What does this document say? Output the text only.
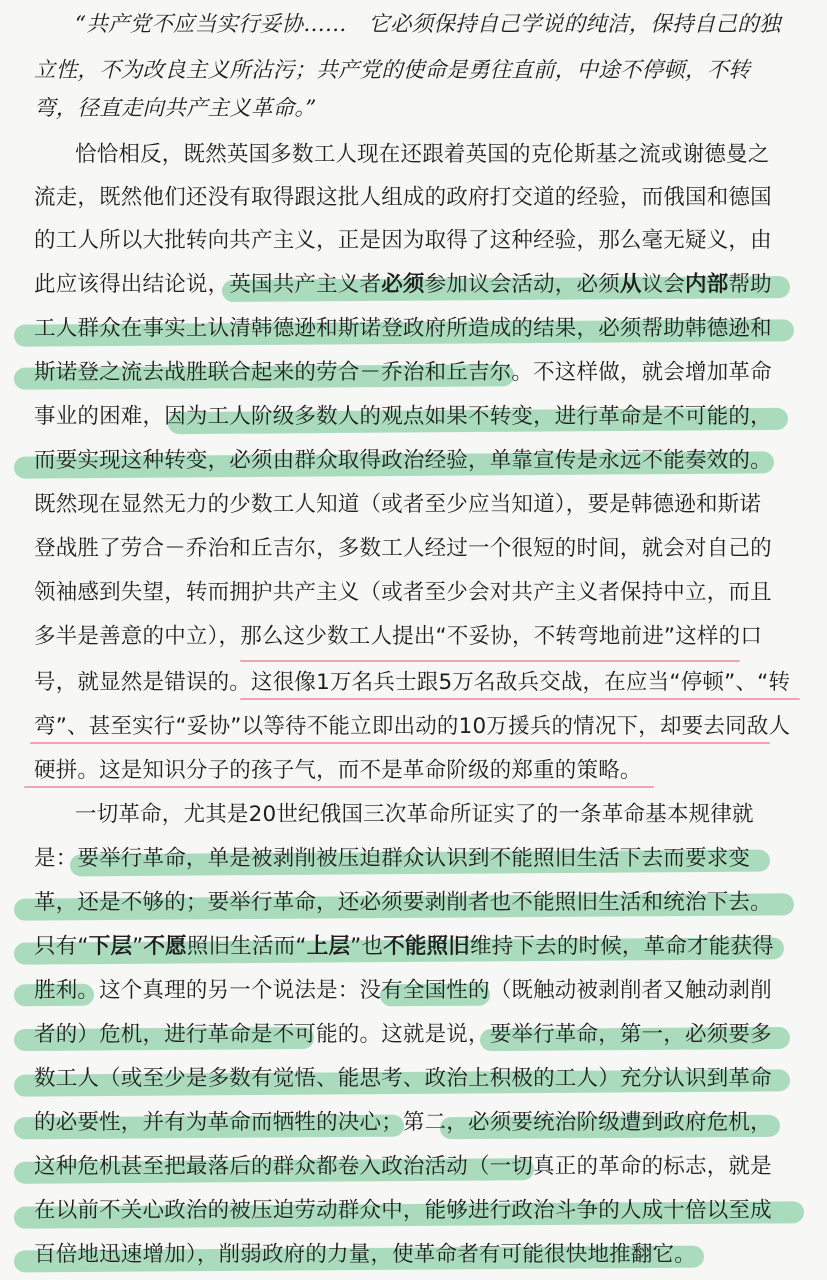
“共产党不应当实行妥协……　它必须保持自己学说的纯洁，保持自己的独
立性，不为改良主义所沾污；共产党的使命是勇往直前，中途不停顿，不转
弯，径直走向共产主义革命。”
恰恰相反，既然英国多数工人现在还跟着英国的克伦斯基之流或谢德曼之
流走，既然他们还没有取得跟这批人组成的政府打交道的经验，而俄国和德国
的工人所以大批转向共产主义，正是因为取得了这种经验，那么毫无疑义，由
此应该得出结论说，英国共产主义者必须参加议会活动，必须从议会内部帮助
工人群众在事实上认清韩德逊和斯诺登政府所造成的结果，必须帮助韩德逊和
斯诺登之流去战胜联合起来的劳合－乔治和丘吉尔。不这样做，就会增加革命
事业的困难，因为工人阶级多数人的观点如果不转变，进行革命是不可能的，
而要实现这种转变，必须由群众取得政治经验，单靠宣传是永远不能奏效的。
既然现在显然无力的少数工人知道（或者至少应当知道），要是韩德逊和斯诺
登战胜了劳合－乔治和丘吉尔，多数工人经过一个很短的时间，就会对自己的
领袖感到失望，转而拥护共产主义（或者至少会对共产主义者保持中立，而且
多半是善意的中立），那么这少数工人提出“不妥协，不转弯地前进”这样的口
号，就显然是错误的。这很像1万名兵士跟5万名敌兵交战，在应当“停顿”、“转
弯”、甚至实行“妥协”以等待不能立即出动的10万援兵的情况下，却要去同敌人
硬拼。这是知识分子的孩子气，而不是革命阶级的郑重的策略。
一切革命，尤其是20世纪俄国三次革命所证实了的一条革命基本规律就
是：要举行革命，单是被剥削被压迫群众认识到不能照旧生活下去而要求变
革，还是不够的；要举行革命，还必须要剥削者也不能照旧生活和统治下去。
只有“下层”不愿照旧生活而“上层”也不能照旧维持下去的时候，革命才能获得
胜利。这个真理的另一个说法是：没有全国性的（既触动被剥削者又触动剥削
者的）危机，进行革命是不可能的。这就是说，要举行革命，第一，必须要多
数工人（或至少是多数有觉悟、能思考、政治上积极的工人）充分认识到革命
的必要性，并有为革命而牺牲的决心；第二，必须要统治阶级遭到政府危机，
这种危机甚至把最落后的群众都卷入政治活动（一切真正的革命的标志，就是
在以前不关心政治的被压迫劳动群众中，能够进行政治斗争的人成十倍以至成
百倍地迅速增加），削弱政府的力量，使革命者有可能很快地推翻它。
